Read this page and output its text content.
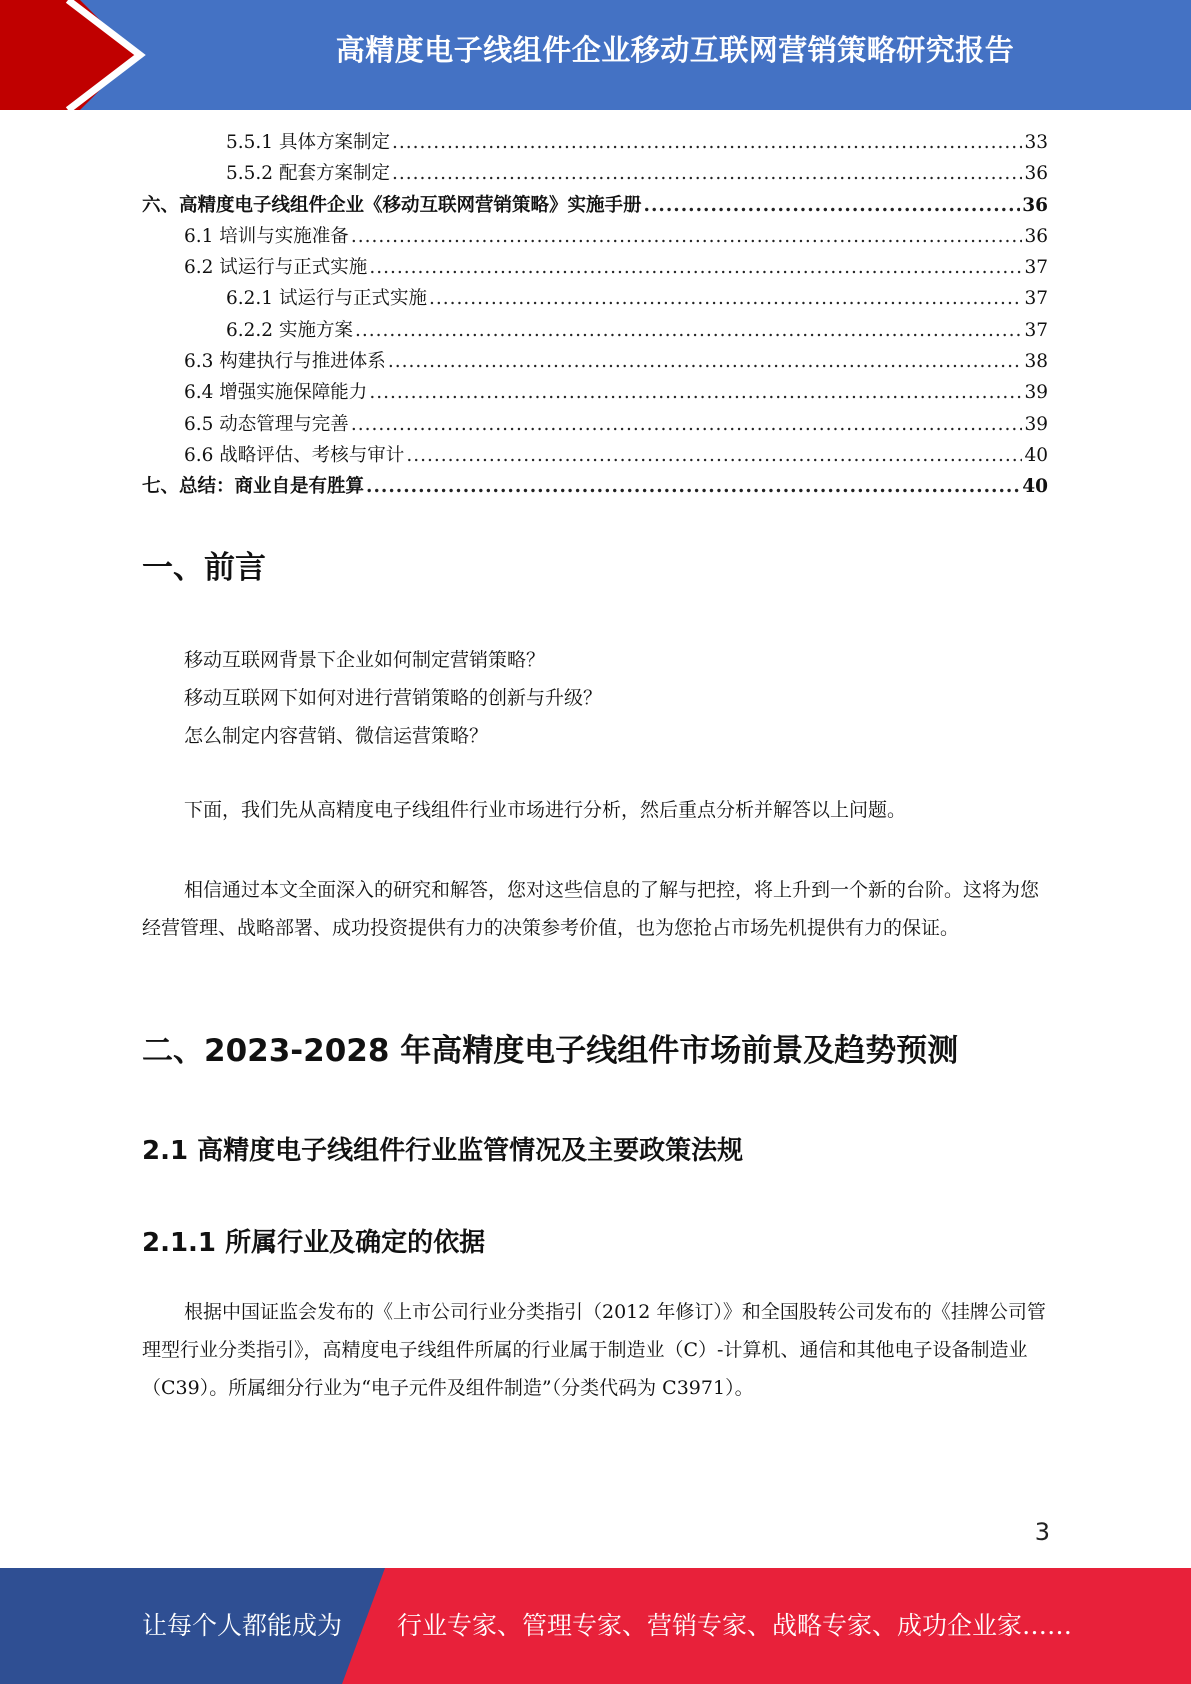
高精度电子线组件企业移动互联网营销策略研究报告
5.5.1 具体方案制定 .....	33
5.5.2 配套方案制定 .....	36
六、高精度电子线组件企业《移动互联网营销策略》实施手册 .....	36
6.1 培训与实施准备 .....	36
6.2 试运行与正式实施 .....	37
6.2.1 试运行与正式实施 .....	37
6.2.2 实施方案 .....	37
6.3 构建执行与推进体系 .....	38
6.4 增强实施保障能力 .....	39
6.5 动态管理与完善 .....	39
6.6 战略评估、考核与审计 .....	40
七、总结：商业自是有胜算 .....	40
一、前言
移动互联网背景下企业如何制定营销策略？
移动互联网下如何对进行营销策略的创新与升级？
怎么制定内容营销、微信运营策略？
下面，我们先从高精度电子线组件行业市场进行分析，然后重点分析并解答以上问题。
相信通过本文全面深入的研究和解答，您对这些信息的了解与把控，将上升到一个新的台阶。这将为您经营管理、战略部署、成功投资提供有力的决策参考价值，也为您抢占市场先机提供有力的保证。
二、2023-2028 年高精度电子线组件市场前景及趋势预测
2.1 高精度电子线组件行业监管情况及主要政策法规
2.1.1 所属行业及确定的依据
根据中国证监会发布的《上市公司行业分类指引（2012 年修订）》和全国股转公司发布的《挂牌公司管理型行业分类指引》，高精度电子线组件所属的行业属于制造业（C）-计算机、通信和其他电子设备制造业（C39）。所属细分行业为“电子元件及组件制造”（分类代码为 C3971）。
3
让每个人都能成为 行业专家、管理专家、营销专家、战略专家、成功企业家……
